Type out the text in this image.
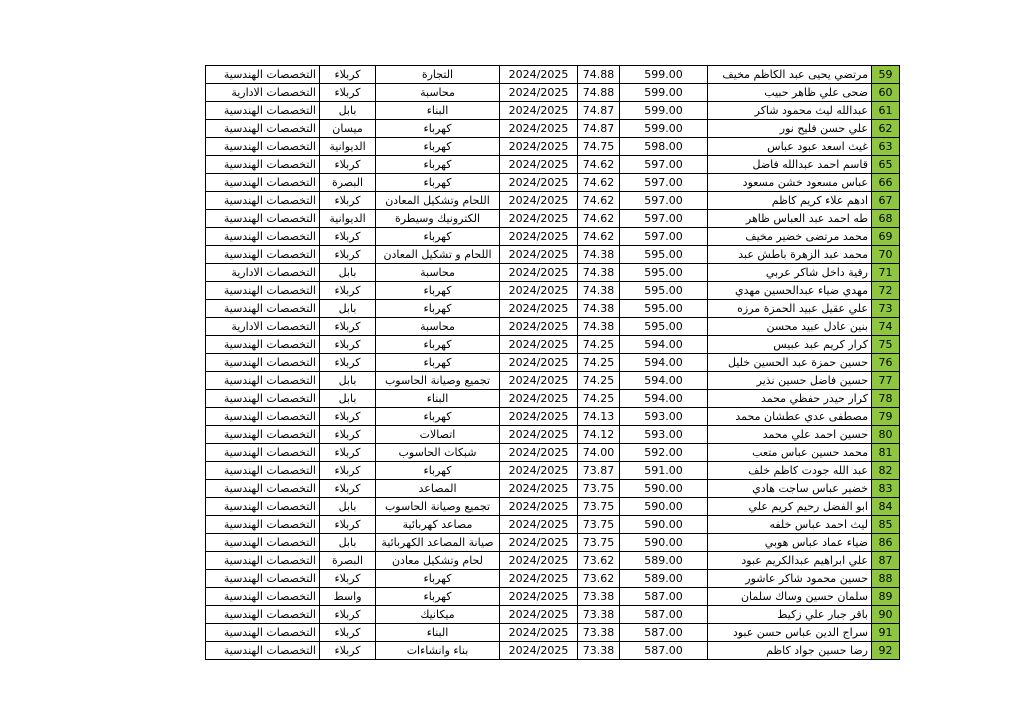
التخصصات الهندسية	كربلاء	التجارة	2024/2025	74.88	599.00	مرتضي يحيى عبد الكاظم مخيف	59
التخصصات الادارية	كربلاء	محاسبة	2024/2025	74.88	599.00	ضحى علي ظاهر حبيب	60
التخصصات الهندسية	بابل	البناء	2024/2025	74.87	599.00	عبدالله ليث محمود شاكر	61
التخصصات الهندسية	ميسان	كهرباء	2024/2025	74.87	599.00	علي حسن فليح نور	62
التخصصات الهندسية	الديوانية	كهرباء	2024/2025	74.75	598.00	غيث اسعد عبود عباس	63
التخصصات الهندسية	كربلاء	كهرباء	2024/2025	74.62	597.00	قاسم احمد عبدالله فاضل	65
التخصصات الهندسية	البصرة	كهرباء	2024/2025	74.62	597.00	عباس مسعود خشن مسعود	66
التخصصات الهندسية	كربلاء	اللحام وتشكيل المعادن	2024/2025	74.62	597.00	ادهم علاء كريم كاظم	67
التخصصات الهندسية	الديوانية	الكترونيك وسيطرة	2024/2025	74.62	597.00	طه احمد عبد العباس ظاهر	68
التخصصات الهندسية	كربلاء	كهرباء	2024/2025	74.62	597.00	محمد مرتضى خضير مخيف	69
التخصصات الهندسية	كربلاء	اللحام و تشكيل المعادن	2024/2025	74.38	595.00	محمد عبد الزهرة باطش عبد	70
التخصصات الادارية	بابل	محاسبة	2024/2025	74.38	595.00	رقية داخل شاكر عربي	71
التخصصات الهندسية	كربلاء	كهرباء	2024/2025	74.38	595.00	مهدي ضياء عبدالحسين مهدي	72
التخصصات الهندسية	بابل	كهرباء	2024/2025	74.38	595.00	علي عقيل عبيد الحمزة مرزه	73
التخصصات الادارية	كربلاء	محاسبة	2024/2025	74.38	595.00	بنين عادل عبيد محسن	74
التخصصات الهندسية	كربلاء	كهرباء	2024/2025	74.25	594.00	كرار كريم عبد عبيس	75
التخصصات الهندسية	كربلاء	كهرباء	2024/2025	74.25	594.00	حسين حمزة عبد الحسين خليل	76
التخصصات الهندسية	بابل	تجميع وصيانة الحاسوب	2024/2025	74.25	594.00	حسين فاضل حسين نذير	77
التخصصات الهندسية	بابل	البناء	2024/2025	74.25	594.00	كرار حيدر حفظي محمد	78
التخصصات الهندسية	كربلاء	كهرباء	2024/2025	74.13	593.00	مصطفى عدي عطشان محمد	79
التخصصات الهندسية	كربلاء	اتصالات	2024/2025	74.12	593.00	حسين احمد علي محمد	80
التخصصات الهندسية	كربلاء	شبكات الحاسوب	2024/2025	74.00	592.00	محمد حسين عباس متعب	81
التخصصات الهندسية	كربلاء	كهرباء	2024/2025	73.87	591.00	عبد الله جودت كاظم خلف	82
التخصصات الهندسية	كربلاء	المصاعد	2024/2025	73.75	590.00	خضير عباس ساجت هادي	83
التخصصات الهندسية	بابل	تجميع وصيانة الحاسوب	2024/2025	73.75	590.00	ابو الفضل رحيم كريم علي	84
التخصصات الهندسية	كربلاء	مصاعد كهربائية	2024/2025	73.75	590.00	ليث احمد عباس خلفه	85
التخصصات الهندسية	بابل	صيانة المصاعد الكهربائية	2024/2025	73.75	590.00	ضياء عماد عباس هوبي	86
التخصصات الهندسية	البصرة	لحام وتشكيل معادن	2024/2025	73.62	589.00	علي ابراهيم عبدالكريم عبود	87
التخصصات الهندسية	كربلاء	كهرباء	2024/2025	73.62	589.00	حسين محمود شاكر عاشور	88
التخصصات الهندسية	واسط	كهرباء	2024/2025	73.38	587.00	سلمان حسين وساك سلمان	89
التخصصات الهندسية	كربلاء	ميكانيك	2024/2025	73.38	587.00	باقر جبار علي زكيط	90
التخصصات الهندسية	كربلاء	البناء	2024/2025	73.38	587.00	سراج الدين عباس حسن عبود	91
التخصصات الهندسية	كربلاء	بناء وانشاءات	2024/2025	73.38	587.00	رضا حسين جواد كاظم	92
